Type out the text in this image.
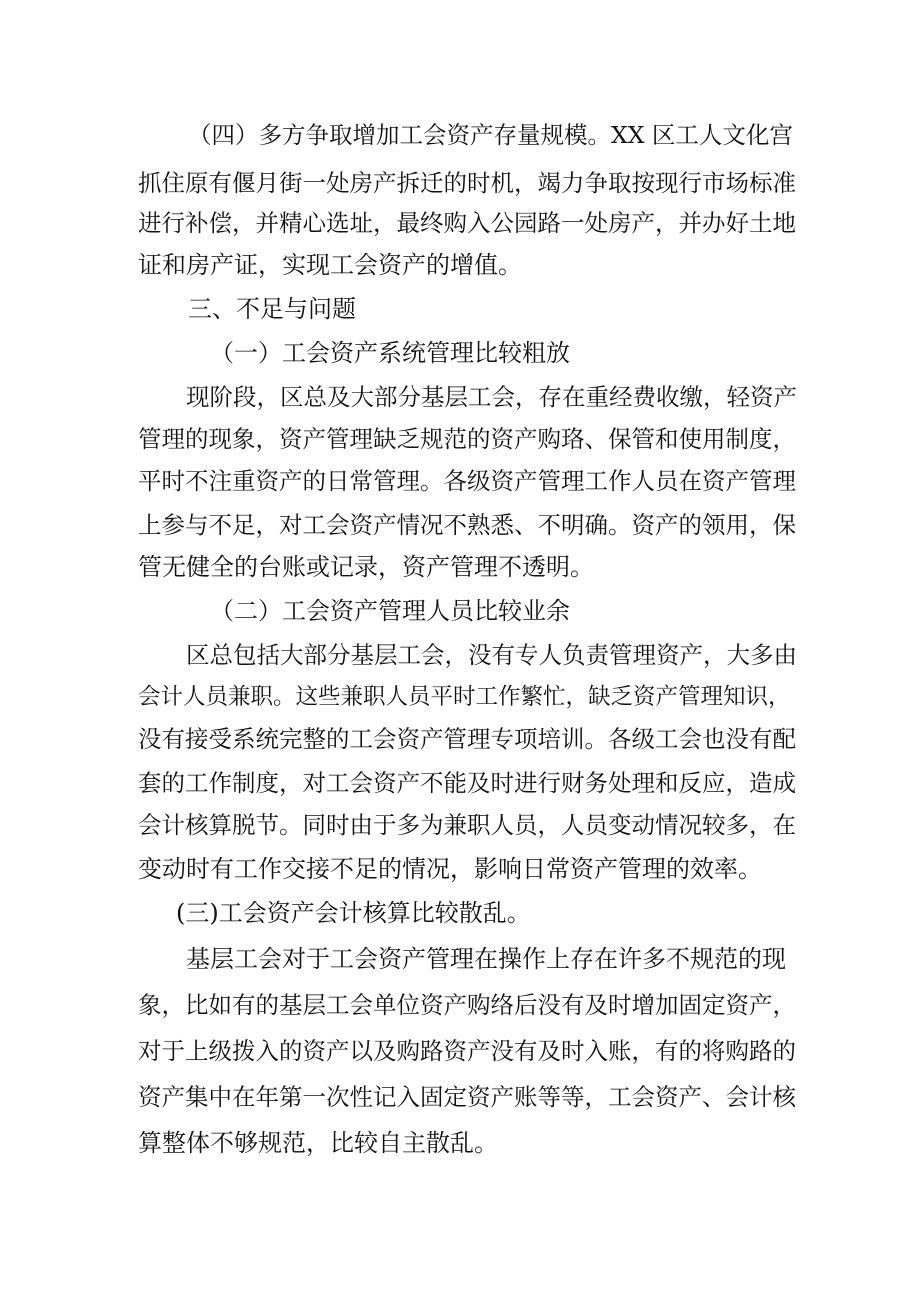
（四）多方争取增加工会资产存量规模。XX 区工人文化宫

抓住原有偃月街一处房产拆迁的时机，竭力争取按现行市场标准

进行补偿，并精心选址，最终购入公园路一处房产，并办好土地

证和房产证，实现工会资产的增值。

三、不足与问题

（一）工会资产系统管理比较粗放

现阶段，区总及大部分基层工会，存在重经费收缴，轻资产

管理的现象，资产管理缺乏规范的资产购珞、保管和使用制度，

平时不注重资产的日常管理。各级资产管理工作人员在资产管理

上参与不足，对工会资产情况不熟悉、不明确。资产的领用，保

管无健全的台账或记录，资产管理不透明。

（二）工会资产管理人员比较业余

区总包括大部分基层工会，没有专人负责管理资产，大多由

会计人员兼职。这些兼职人员平时工作繁忙，缺乏资产管理知识，

没有接受系统完整的工会资产管理专项培训。各级工会也没有配

套的工作制度，对工会资产不能及时进行财务处理和反应，造成

会计核算脱节。同时由于多为兼职人员，人员变动情况较多，在

变动时有工作交接不足的情况，影响日常资产管理的效率。

(三)工会资产会计核算比较散乱。

基层工会对于工会资产管理在操作上存在许多不规范的现

象，比如有的基层工会单位资产购络后没有及时增加固定资产，

对于上级拨入的资产以及购路资产没有及时入账，有的将购路的

资产集中在年第一次性记入固定资产账等等，工会资产、会计核

算整体不够规范，比较自主散乱。
